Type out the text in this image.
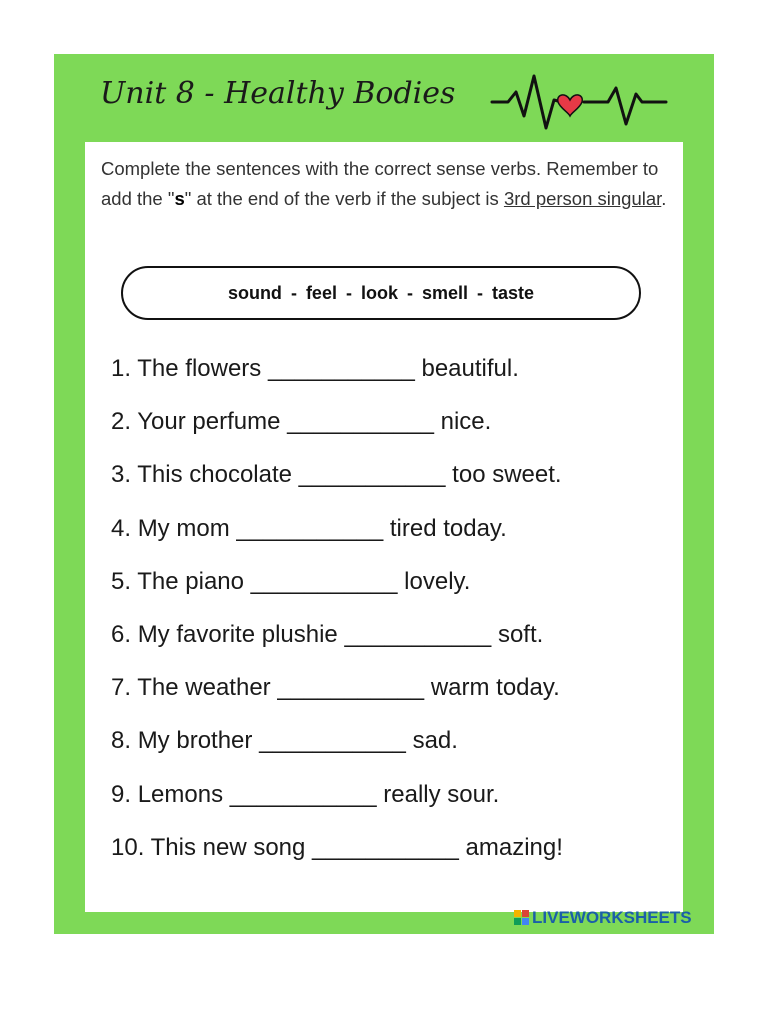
Unit 8 - Healthy Bodies
Complete the sentences with the correct sense verbs. Remember to add the "s" at the end of the verb if the subject is 3rd person singular.
sound - feel - look - smell - taste
1. The flowers ___________ beautiful.
2. Your perfume ___________ nice.
3. This chocolate ___________ too sweet.
4. My mom ___________ tired today.
5. The piano ___________ lovely.
6. My favorite plushie ___________ soft.
7. The weather ___________ warm today.
8. My brother ___________ sad.
9. Lemons ___________ really sour.
10. This new song ___________ amazing!
LIVEWORKSHEETS
